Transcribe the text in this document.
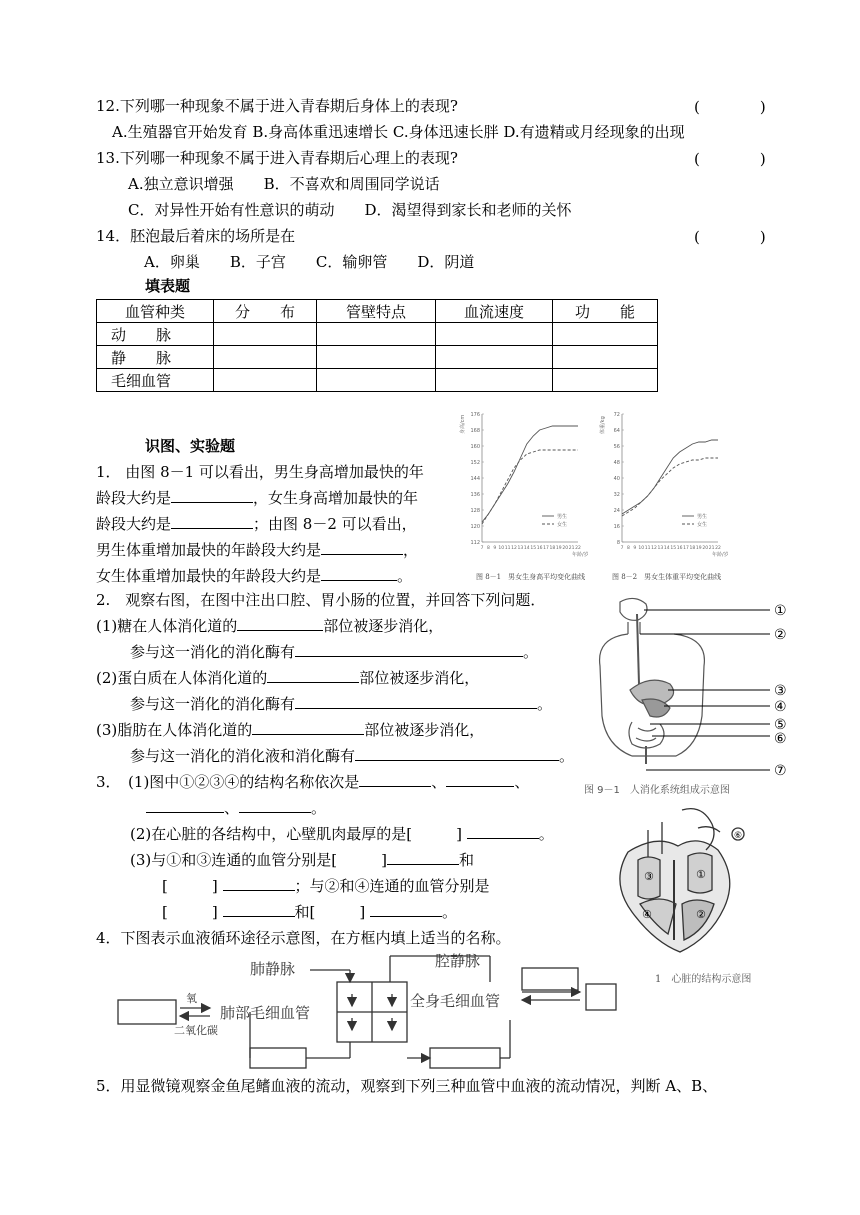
12.下列哪一种现象不属于进入青春期后身体上的表现?	(　　　　)
A.生殖器官开始发育 B.身高体重迅速增长 C.身体迅速长胖 D.有遗精或月经现象的出现
13.下列哪一种现象不属于进入青春期后心理上的表现?	(　　　　)
A.独立意识增强　　B．不喜欢和周围同学说话
C．对异性开始有性意识的萌动　　D．渴望得到家长和老师的关怀
14．胚泡最后着床的场所是在	(　　　　)
A．卵巢　　B．子宫　　C．输卵管　　D．阴道
填表题
血管种类	分　　布	管壁特点	血流速度	功　　能
动　　脉				
静　　脉				
毛细血管				
识图、实验题
1． 由图 8－1 可以看出，男生身高增加最快的年
龄段大约是	，女生身高增加最快的年
龄段大约是	；由图 8－2 可以看出，
男生体重增加最快的年龄段大约是	，
女生体重增加最快的年龄段大约是	。
2.　观察右图，在图中注出口腔、胃小肠的位置，并回答下列问题．
(1)糖在人体消化道的	部位被逐步消化，
参与这一消化的消化酶有	。
(2)蛋白质在人体消化道的	部位被逐步消化，
参与这一消化的消化酶有	。
(3)脂肪在人体消化道的	部位被逐步消化，
参与这一消化的消化液和消化酶有	。
3．　(1)图中①②③④的结构名称依次是	、	、
、	。
(2)在心脏的各结构中，心壁肌肉最厚的是[	]	。
(3)与①和③连通的血管分别是[	]	和
[	]	；与②和④连通的血管分别是
[	]	和[	]	。
4．下图表示血液循环途径示意图，在方框内填上适当的名称。
5．用显微镜观察金鱼尾鳍血液的流动，观察到下列三种血管中血液的流动情况，判断 A、B、
112
120
128
136
144
152
160
168
176
7 8 9 10 11 12 13 14 15 16 17 18 19 20 21 22
身高/cm
年龄/岁
男生
女生
图 8－1　男女生身高平均变化曲线
8
16
24
32
40
48
56
64
72
7 8 9 10 11 12 13 14 15 16 17 18 19 20 21 22
体重/kg
年龄/岁
男生
女生
图 8－2　男女生体重平均变化曲线
①
②
③
④
⑤
⑥
⑦
图 9－1　人消化系统组成示意图
③	①
④	②
⑥
1　心脏的结构示意图
肺静脉	腔静脉
全身毛细血管
肺部毛细血管
氧
二氧化碳
